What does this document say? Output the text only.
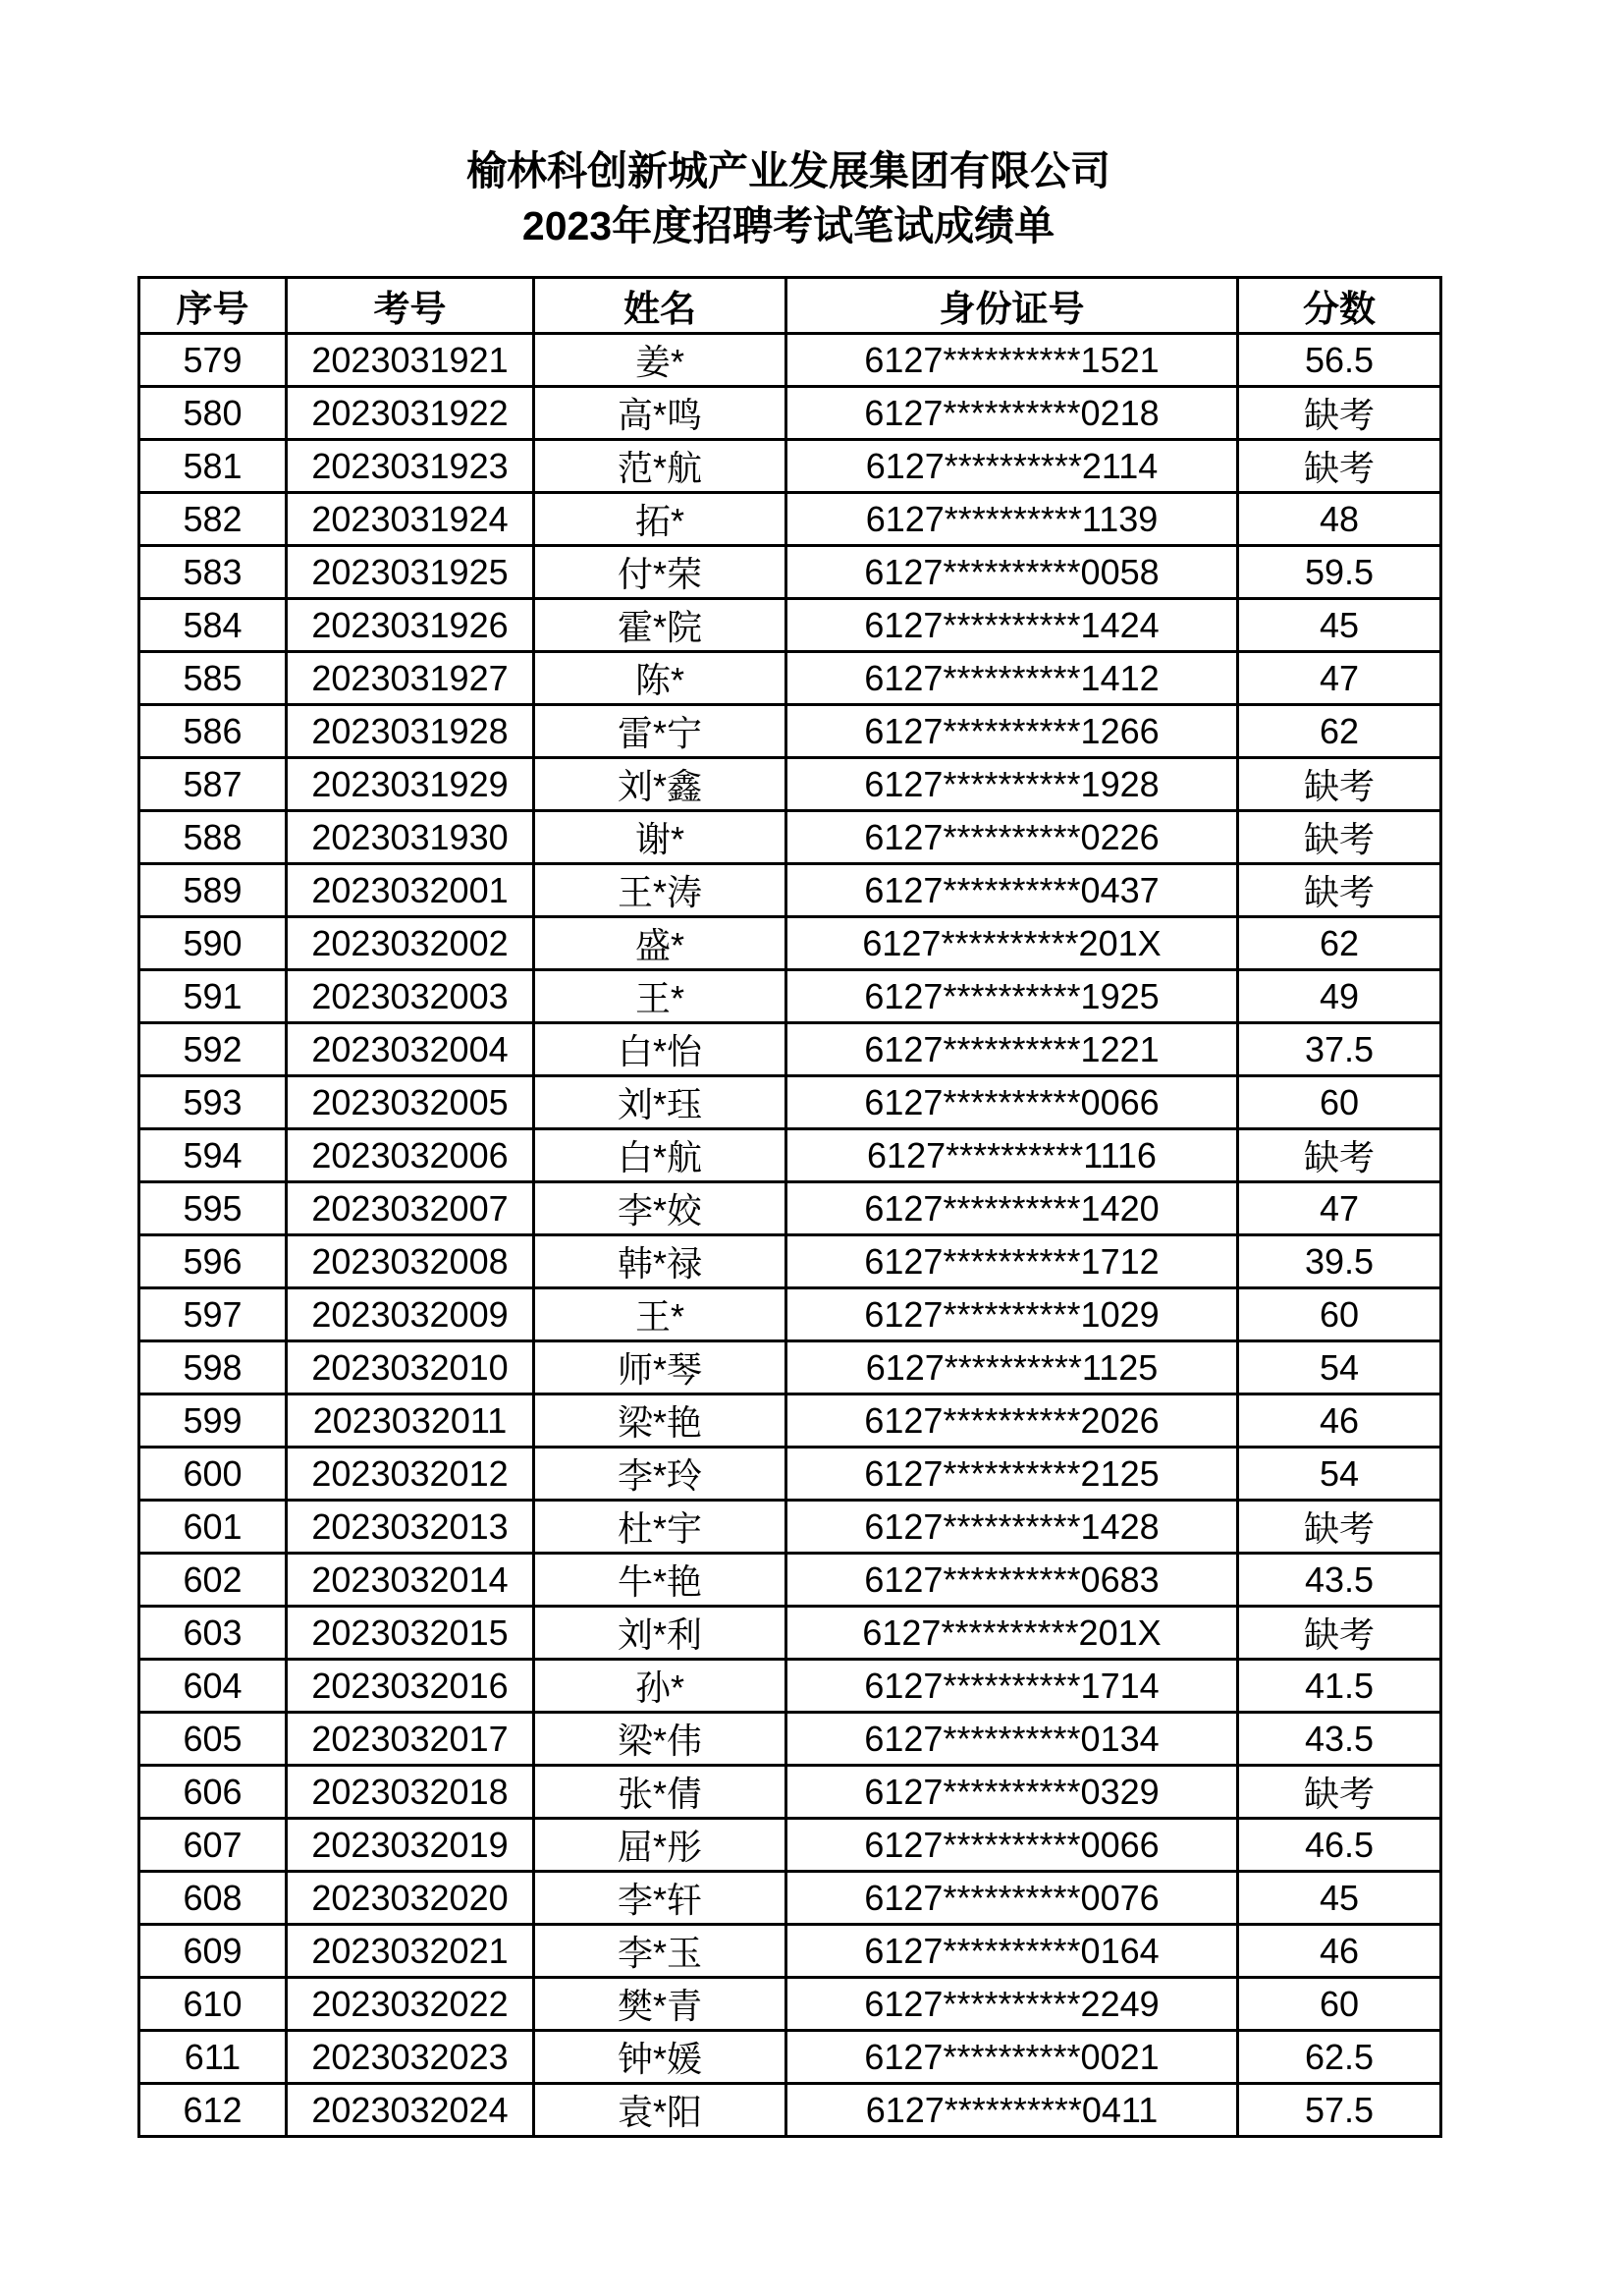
榆林科创新城产业发展集团有限公司
2023年度招聘考试笔试成绩单
序号	考号	姓名	身份证号	分数
579	2023031921	姜*	6127**********1521	56.5
580	2023031922	高*鸣	6127**********0218	缺考
581	2023031923	范*航	6127**********2114	缺考
582	2023031924	拓*	6127**********1139	48
583	2023031925	付*荣	6127**********0058	59.5
584	2023031926	霍*院	6127**********1424	45
585	2023031927	陈*	6127**********1412	47
586	2023031928	雷*宁	6127**********1266	62
587	2023031929	刘*鑫	6127**********1928	缺考
588	2023031930	谢*	6127**********0226	缺考
589	2023032001	王*涛	6127**********0437	缺考
590	2023032002	盛*	6127**********201X	62
591	2023032003	王*	6127**********1925	49
592	2023032004	白*怡	6127**********1221	37.5
593	2023032005	刘*珏	6127**********0066	60
594	2023032006	白*航	6127**********1116	缺考
595	2023032007	李*姣	6127**********1420	47
596	2023032008	韩*禄	6127**********1712	39.5
597	2023032009	王*	6127**********1029	60
598	2023032010	师*琴	6127**********1125	54
599	2023032011	梁*艳	6127**********2026	46
600	2023032012	李*玲	6127**********2125	54
601	2023032013	杜*宇	6127**********1428	缺考
602	2023032014	牛*艳	6127**********0683	43.5
603	2023032015	刘*利	6127**********201X	缺考
604	2023032016	孙*	6127**********1714	41.5
605	2023032017	梁*伟	6127**********0134	43.5
606	2023032018	张*倩	6127**********0329	缺考
607	2023032019	屈*彤	6127**********0066	46.5
608	2023032020	李*轩	6127**********0076	45
609	2023032021	李*玉	6127**********0164	46
610	2023032022	樊*青	6127**********2249	60
611	2023032023	钟*媛	6127**********0021	62.5
612	2023032024	袁*阳	6127**********0411	57.5
